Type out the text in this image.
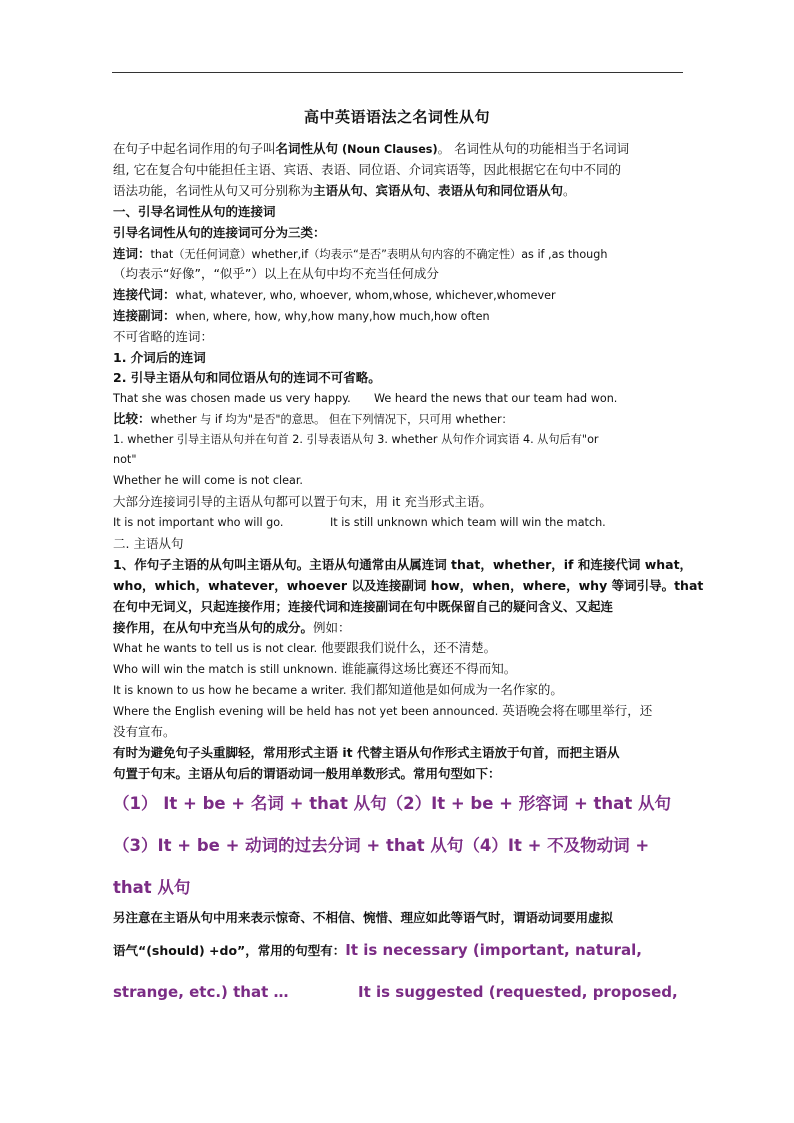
高中英语语法之名词性从句
在句子中起名词作用的句子叫名词性从句 (Noun Clauses)。 名词性从句的功能相当于名词词
组, 它在复合句中能担任主语、宾语、表语、同位语、介词宾语等，因此根据它在句中不同的
语法功能，名词性从句又可分别称为主语从句、宾语从句、表语从句和同位语从句。
一、引导名词性从句的连接词
引导名词性从句的连接词可分为三类：
连词：that（无任何词意）whether,if（均表示“是否”表明从句内容的不确定性）as if ,as though
（均表示“好像”，“似乎”）以上在从句中均不充当任何成分
连接代词：what, whatever, who, whoever, whom,whose, whichever,whomever
连接副词：when, where, how, why,how many,how much,how often
不可省略的连词：
1. 介词后的连词
2. 引导主语从句和同位语从句的连词不可省略。
That she was chosen made us very happy. We heard the news that our team had won.
比较：whether 与 if 均为"是否"的意思。 但在下列情况下，只可用 whether：
1. whether 引导主语从句并在句首 2. 引导表语从句 3. whether 从句作介词宾语 4. 从句后有"or
not"
Whether he will come is not clear.
大部分连接词引导的主语从句都可以置于句末，用 it 充当形式主语。
It is not important who will go.	It is still unknown which team will win the match.
二. 主语从句
1、作句子主语的从句叫主语从句。主语从句通常由从属连词 that，whether，if 和连接代词 what，
who，which，whatever，whoever 以及连接副词 how，when，where，why 等词引导。that
在句中无词义，只起连接作用；连接代词和连接副词在句中既保留自己的疑问含义、又起连
接作用，在从句中充当从句的成分。例如：
What he wants to tell us is not clear. 他要跟我们说什么，还不清楚。
Who will win the match is still unknown. 谁能赢得这场比赛还不得而知。
It is known to us how he became a writer. 我们都知道他是如何成为一名作家的。
Where the English evening will be held has not yet been announced. 英语晚会将在哪里举行，还
没有宣布。
有时为避免句子头重脚轻，常用形式主语 it 代替主语从句作形式主语放于句首，而把主语从
句置于句末。主语从句后的谓语动词一般用单数形式。常用句型如下：
（1） It + be + 名词 + that 从句（2）It + be + 形容词 + that 从句
（3）It + be + 动词的过去分词 + that 从句（4）It + 不及物动词 +
that 从句
另注意在主语从句中用来表示惊奇、不相信、惋惜、理应如此等语气时，谓语动词要用虚拟
语气“(should) +do”，常用的句型有：It is necessary (important, natural,
strange, etc.) that …	It is suggested (requested, proposed,
